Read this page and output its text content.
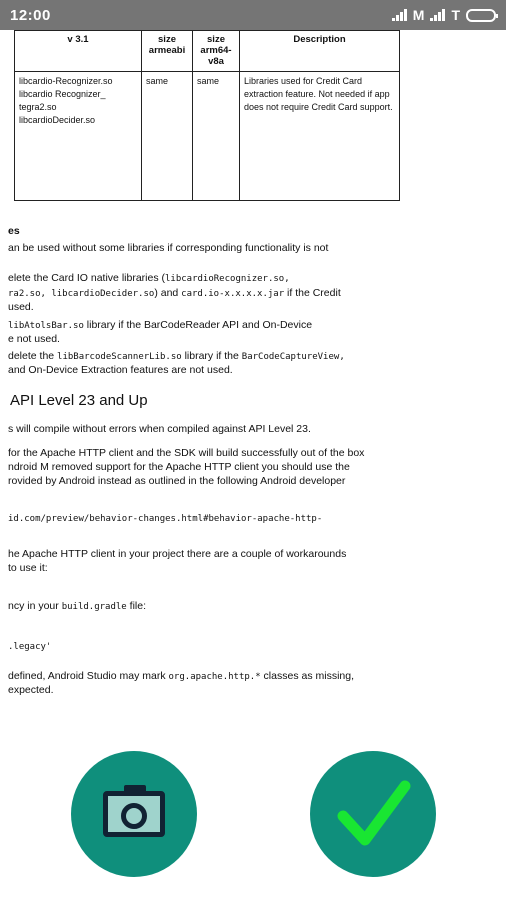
12:00	M T
v 3.1	size armeabi	size arm64-v8a	Description

libcardio-Recognizer.so
libcardio Recognizer_
tegra2.so
libcardioDecider.so	same	same	Libraries used for Credit Card extraction feature. Not needed if app does not require Credit Card support.
es
an be used without some libraries if corresponding functionality is not
elete the Card IO native libraries (libcardioRecognizer.so,
ra2.so, libcardioDecider.so) and card.io-x.x.x.x.jar if the Credit
used.
libAtolsBar.so library if the BarCodeReader API and On-Device
e not used.
delete the libBarcodeScannerLib.so library if the BarCodeCaptureView,
and On-Device Extraction features are not used.
API Level 23 and Up
s will compile without errors when compiled against API Level 23.
for the Apache HTTP client and the SDK will build successfully out of the box
ndroid M removed support for the Apache HTTP client you should use the
rovided by Android instead as outlined in the following Android developer
id.com/preview/behavior-changes.html#behavior-apache-http-
he Apache HTTP client in your project there are a couple of workarounds
to use it:
ncy in your build.gradle file:
.legacy'
defined, Android Studio may mark org.apache.http.* classes as missing,
expected.
